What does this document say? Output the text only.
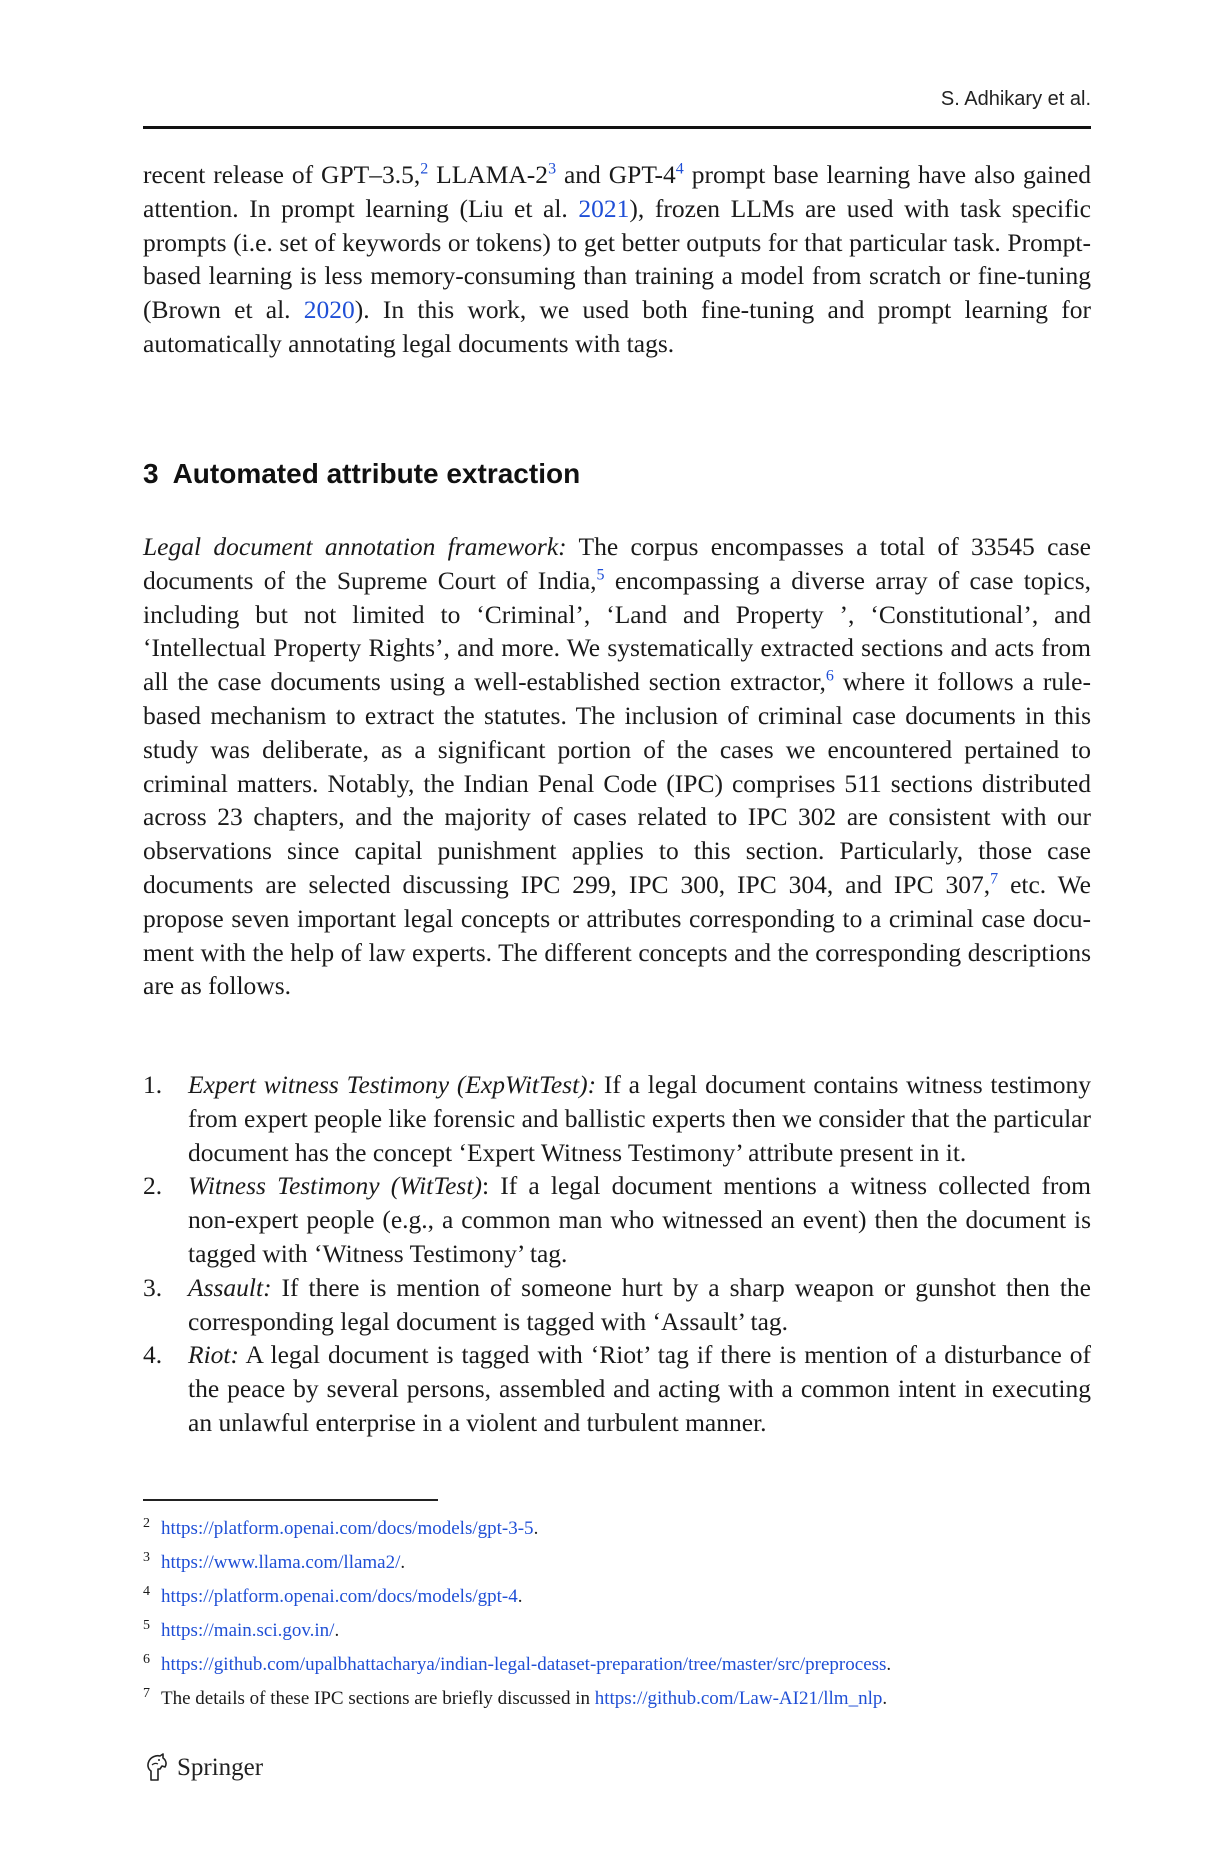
S. Adhikary et al.

recent release of GPT–3.5,$^2$ LLAMA-$2^3$ and GPT-$4^4$ prompt base learning have also gained attention. In prompt learning (Liu et al. 2021), frozen LLMs are used with task specific prompts (i.e. set of keywords or tokens) to get better outputs for that particular task. Prompt-based learning is less memory-consuming than training a model from scratch or fine-tuning (Brown et al. 2020). In this work, we used both fine-tuning and prompt learning for automatically annotating legal documents with tags.

3 Automated attribute extraction

Legal document annotation framework: The corpus encompasses a total of 33545 case documents of the Supreme Court of India,$^5$ encompassing a diverse array of case topics, including but not limited to ‘Criminal’, ‘Land and Property ’, ‘Constitutional’, and ‘Intellectual Property Rights’, and more. We systematically extracted sections and acts from all the case documents using a well-established section extractor,$^6$ where it follows a rule-based mechanism to extract the statutes. The inclusion of criminal case documents in this study was deliberate, as a significant portion of the cases we encountered pertained to criminal matters. Notably, the Indian Penal Code (IPC) comprises 511 sections distributed across 23 chapters, and the majority of cases related to IPC 302 are consistent with our observations since capital punishment applies to this section. Particularly, those case documents are selected discussing IPC 299, IPC 300, IPC 304, and IPC 307,$^7$ etc. We propose seven important legal concepts or attributes corresponding to a criminal case document with the help of law experts. The different concepts and the corresponding descriptions are as follows.

1. Expert witness Testimony (ExpWitTest): If a legal document contains witness testimony from expert people like forensic and ballistic experts then we consider that the particular document has the concept ‘Expert Witness Testimony’ attribute present in it.
2. Witness Testimony (WitTest): If a legal document mentions a witness collected from non-expert people (e.g., a common man who witnessed an event) then the document is tagged with ‘Witness Testimony’ tag.
3. Assault: If there is mention of someone hurt by a sharp weapon or gunshot then the corresponding legal document is tagged with ‘Assault’ tag.
4. Riot: A legal document is tagged with ‘Riot’ tag if there is mention of a disturbance of the peace by several persons, assembled and acting with a common intent in executing an unlawful enterprise in a violent and turbulent manner.
2 https://platform.openai.com/docs/models/gpt-3-5.
3 https://www.llama.com/llama2/.
4 https://platform.openai.com/docs/models/gpt-4.
5 https://main.sci.gov.in/.
6 https://github.com/upalbhattacharya/indian-legal-dataset-preparation/tree/master/src/preprocess.
7 The details of these IPC sections are briefly discussed in https://github.com/Law-AI21/llm_nlp.
Springer
